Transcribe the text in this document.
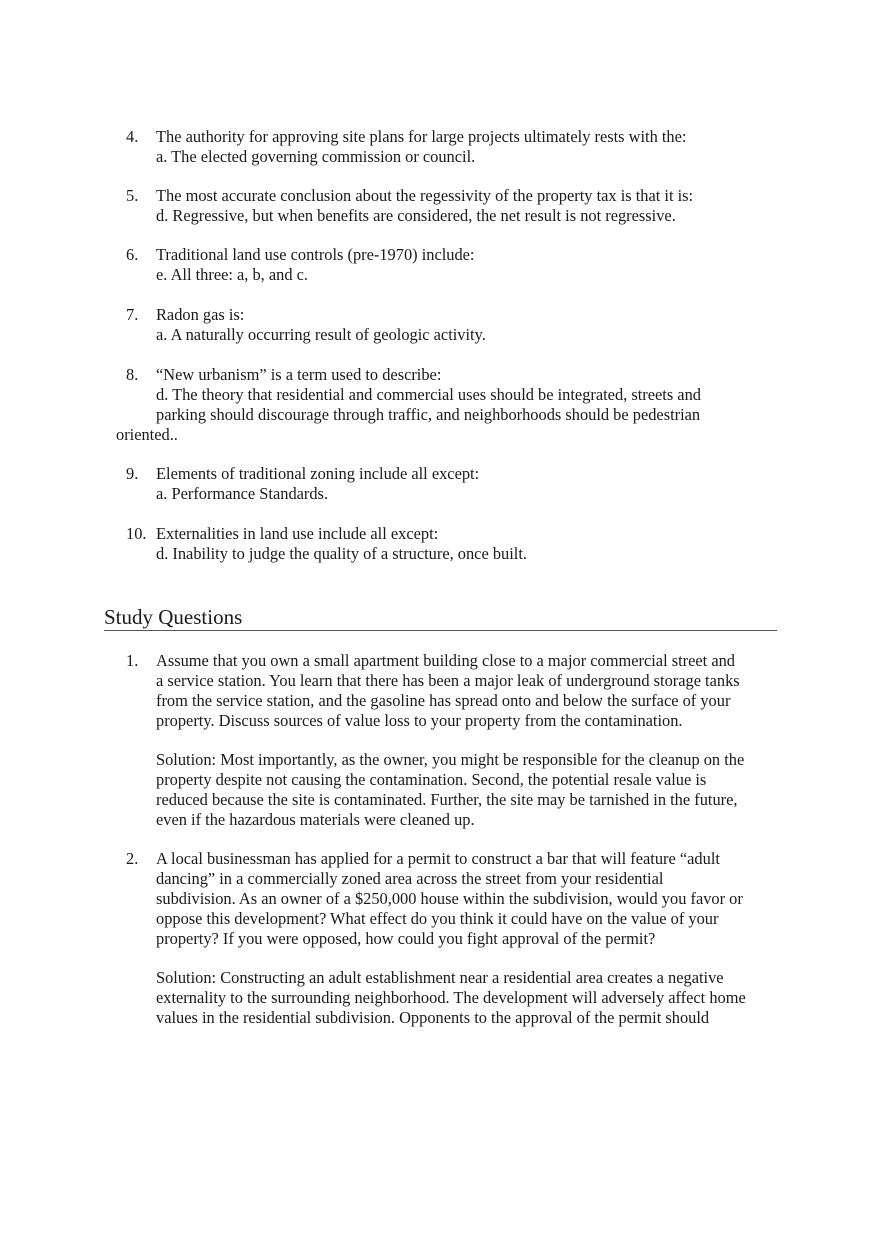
4. The authority for approving site plans for large projects ultimately rests with the:
a. The elected governing commission or council.
5. The most accurate conclusion about the regessivity of the property tax is that it is:
d. Regressive, but when benefits are considered, the net result is not regressive.
6. Traditional land use controls (pre-1970) include:
e. All three: a, b, and c.
7. Radon gas is:
a. A naturally occurring result of geologic activity.
8. “New urbanism” is a term used to describe:
d. The theory that residential and commercial uses should be integrated, streets and
parking should discourage through traffic, and neighborhoods should be pedestrian
oriented..
9. Elements of traditional zoning include all except:
a. Performance Standards.
10. Externalities in land use include all except:
d. Inability to judge the quality of a structure, once built.
Study Questions
1. Assume that you own a small apartment building close to a major commercial street and
a service station. You learn that there has been a major leak of underground storage tanks
from the service station, and the gasoline has spread onto and below the surface of your
property. Discuss sources of value loss to your property from the contamination.
Solution: Most importantly, as the owner, you might be responsible for the cleanup on the
property despite not causing the contamination. Second, the potential resale value is
reduced because the site is contaminated. Further, the site may be tarnished in the future,
even if the hazardous materials were cleaned up.
2. A local businessman has applied for a permit to construct a bar that will feature “adult
dancing” in a commercially zoned area across the street from your residential
subdivision. As an owner of a $250,000 house within the subdivision, would you favor or
oppose this development? What effect do you think it could have on the value of your
property? If you were opposed, how could you fight approval of the permit?
Solution: Constructing an adult establishment near a residential area creates a negative
externality to the surrounding neighborhood. The development will adversely affect home
values in the residential subdivision. Opponents to the approval of the permit should
